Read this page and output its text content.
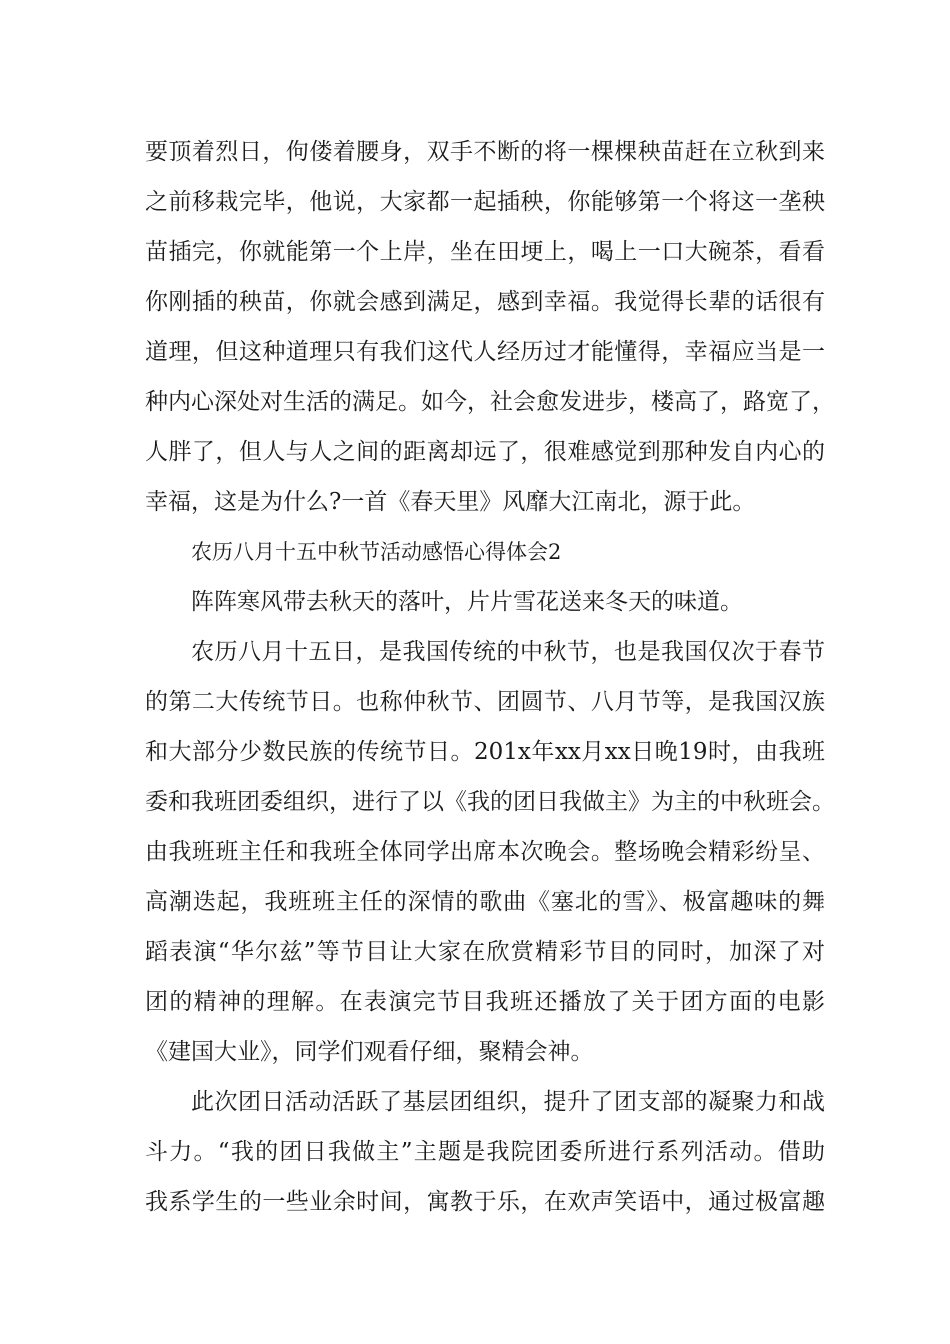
要顶着烈日，佝偻着腰身，双手不断的将一棵棵秧苗赶在立秋到来
之前移栽完毕，他说，大家都一起插秧，你能够第一个将这一垄秧
苗插完，你就能第一个上岸，坐在田埂上，喝上一口大碗茶，看看
你刚插的秧苗，你就会感到满足，感到幸福。我觉得长辈的话很有
道理，但这种道理只有我们这代人经历过才能懂得，幸福应当是一
种内心深处对生活的满足。如今，社会愈发进步，楼高了，路宽了，
人胖了，但人与人之间的距离却远了，很难感觉到那种发自内心的
幸福，这是为什么?一首《春天里》风靡大江南北，源于此。
农历八月十五中秋节活动感悟心得体会2
阵阵寒风带去秋天的落叶，片片雪花送来冬天的味道。
农历八月十五日，是我国传统的中秋节，也是我国仅次于春节
的第二大传统节日。也称仲秋节、团圆节、八月节等，是我国汉族
和大部分少数民族的传统节日。201x年xx月xx日晚19时，由我班
委和我班团委组织，进行了以《我的团日我做主》为主的中秋班会。
由我班班主任和我班全体同学出席本次晚会。整场晚会精彩纷呈、
高潮迭起，我班班主任的深情的歌曲《塞北的雪》、极富趣味的舞
蹈表演“华尔兹”等节目让大家在欣赏精彩节目的同时，加深了对
团的精神的理解。在表演完节目我班还播放了关于团方面的电影
《建国大业》，同学们观看仔细，聚精会神。
此次团日活动活跃了基层团组织，提升了团支部的凝聚力和战
斗力。“我的团日我做主”主题是我院团委所进行系列活动。借助
我系学生的一些业余时间，寓教于乐，在欢声笑语中，通过极富趣
